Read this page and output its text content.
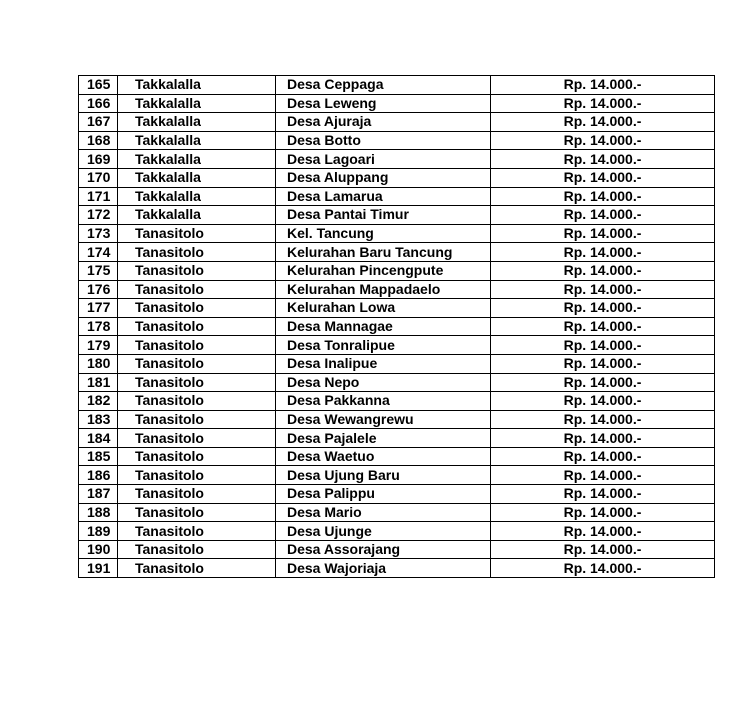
165	Takkalalla	Desa Ceppaga	Rp. 14.000.-
166	Takkalalla	Desa Leweng	Rp. 14.000.-
167	Takkalalla	Desa Ajuraja	Rp. 14.000.-
168	Takkalalla	Desa Botto	Rp. 14.000.-
169	Takkalalla	Desa Lagoari	Rp. 14.000.-
170	Takkalalla	Desa Aluppang	Rp. 14.000.-
171	Takkalalla	Desa Lamarua	Rp. 14.000.-
172	Takkalalla	Desa Pantai Timur	Rp. 14.000.-
173	Tanasitolo	Kel. Tancung	Rp. 14.000.-
174	Tanasitolo	Kelurahan Baru Tancung	Rp. 14.000.-
175	Tanasitolo	Kelurahan Pincengpute	Rp. 14.000.-
176	Tanasitolo	Kelurahan Mappadaelo	Rp. 14.000.-
177	Tanasitolo	Kelurahan Lowa	Rp. 14.000.-
178	Tanasitolo	Desa Mannagae	Rp. 14.000.-
179	Tanasitolo	Desa Tonralipue	Rp. 14.000.-
180	Tanasitolo	Desa Inalipue	Rp. 14.000.-
181	Tanasitolo	Desa Nepo	Rp. 14.000.-
182	Tanasitolo	Desa Pakkanna	Rp. 14.000.-
183	Tanasitolo	Desa Wewangrewu	Rp. 14.000.-
184	Tanasitolo	Desa Pajalele	Rp. 14.000.-
185	Tanasitolo	Desa Waetuo	Rp. 14.000.-
186	Tanasitolo	Desa Ujung Baru	Rp. 14.000.-
187	Tanasitolo	Desa Palippu	Rp. 14.000.-
188	Tanasitolo	Desa Mario	Rp. 14.000.-
189	Tanasitolo	Desa Ujunge	Rp. 14.000.-
190	Tanasitolo	Desa Assorajang	Rp. 14.000.-
191	Tanasitolo	Desa Wajoriaja	Rp. 14.000.-
